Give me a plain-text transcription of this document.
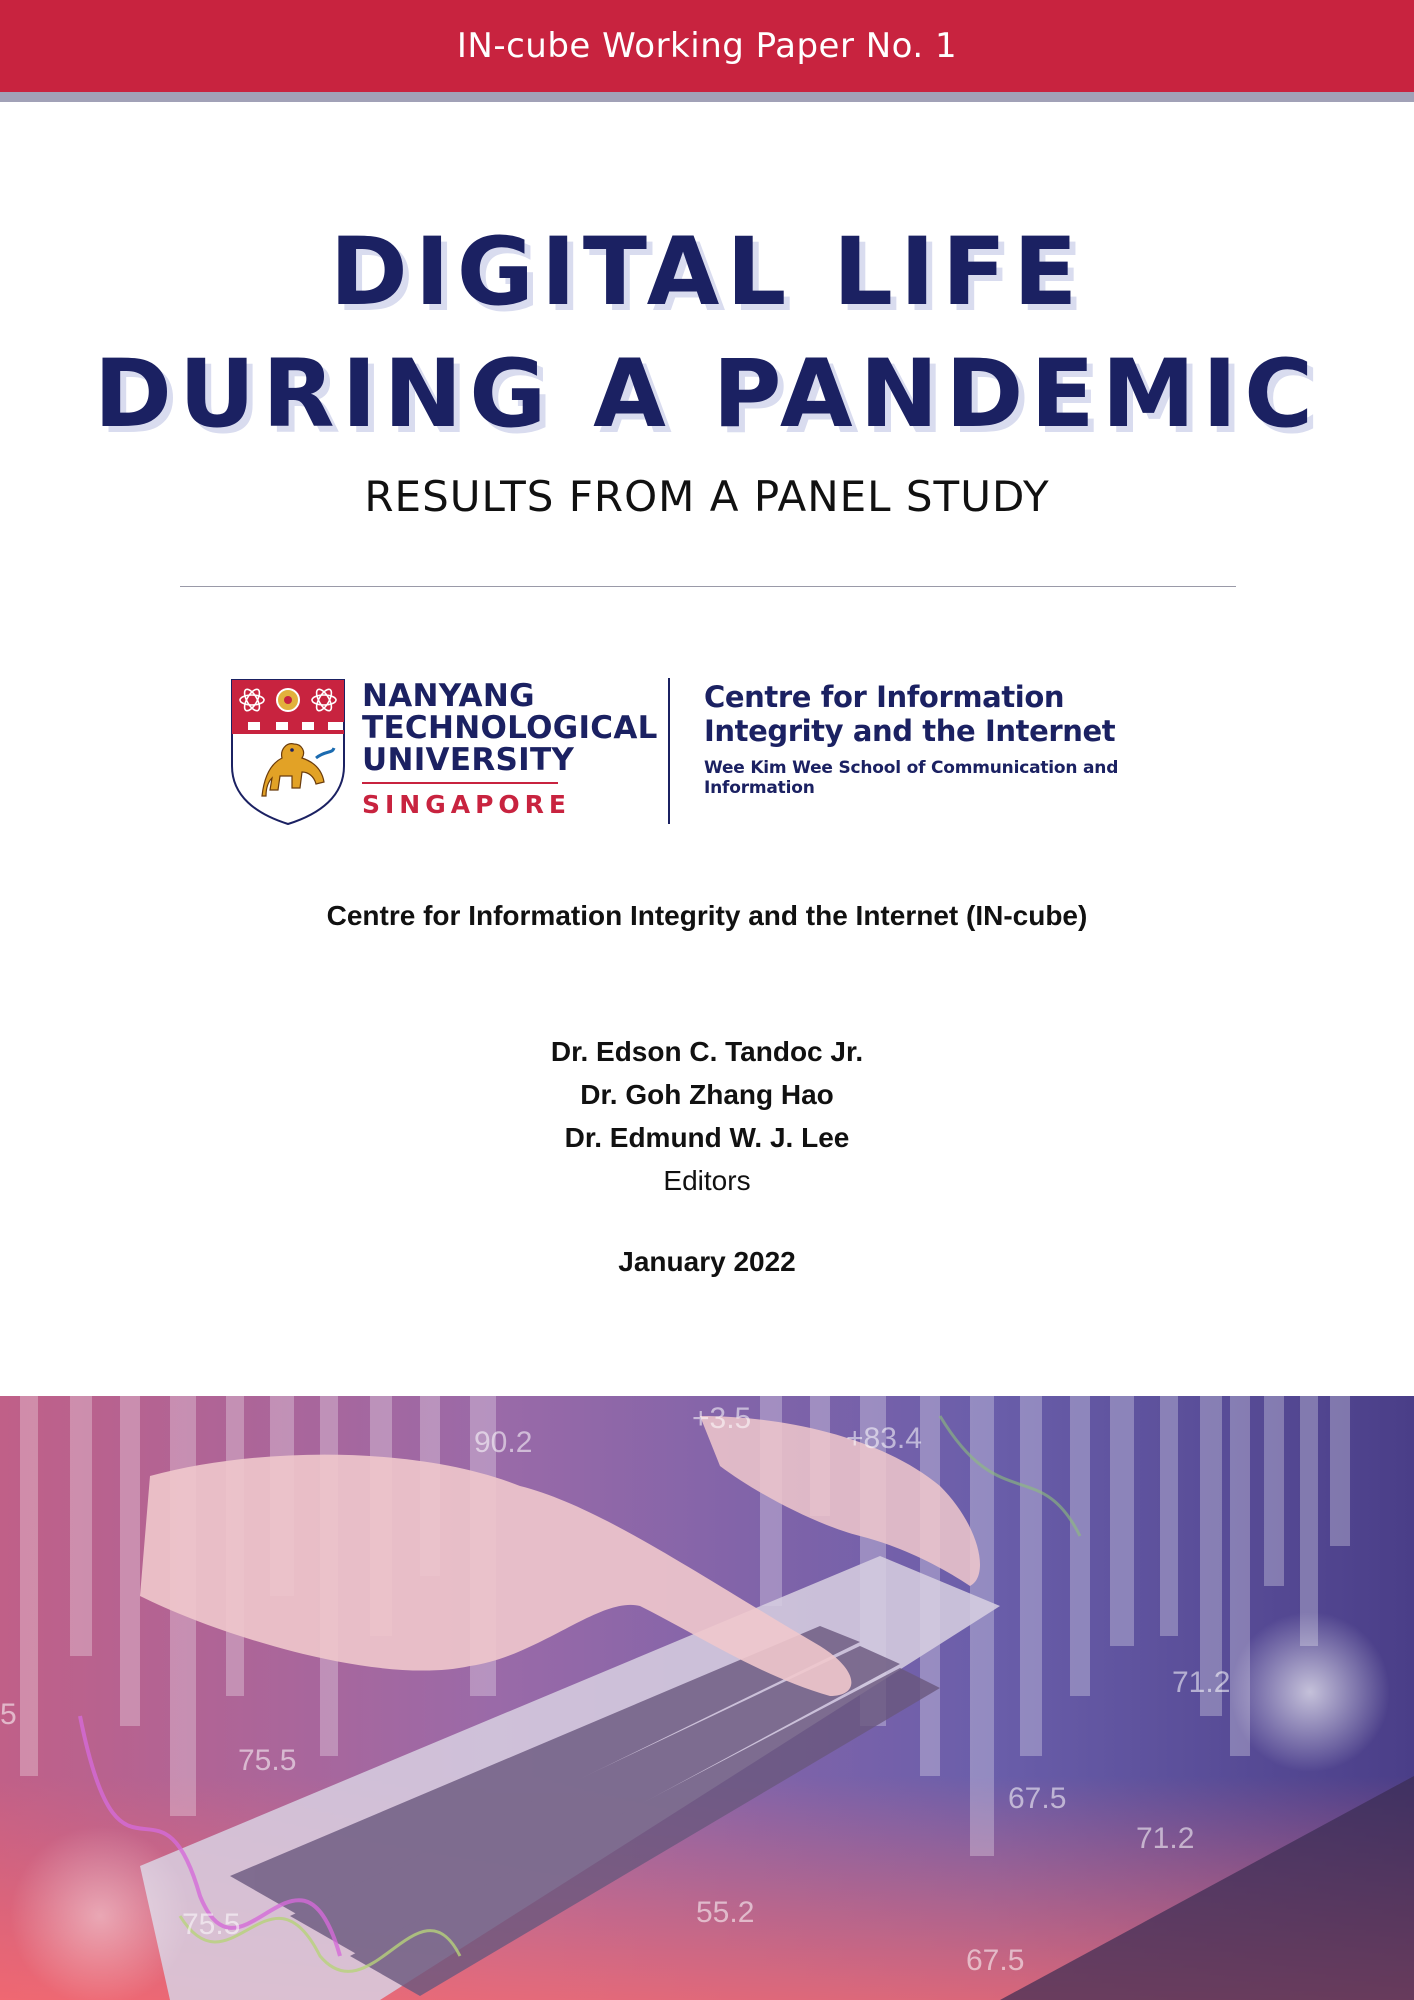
IN-cube Working Paper No. 1
DIGITAL LIFE
DURING A PANDEMIC
RESULTS FROM A PANEL STUDY
NANYANG
TECHNOLOGICAL
UNIVERSITY
SINGAPORE
Centre for Information
Integrity and the Internet
Wee Kim Wee School of Communication and Information
Centre for Information Integrity and the Internet (IN-cube)
Dr. Edson C. Tandoc Jr.
Dr. Goh Zhang Hao
Dr. Edmund W. J. Lee
Editors
January 2022
90.2
+3.5
+83.4
71.2
75.5
67.5
71.2
55.2
75.5
67.5
5
